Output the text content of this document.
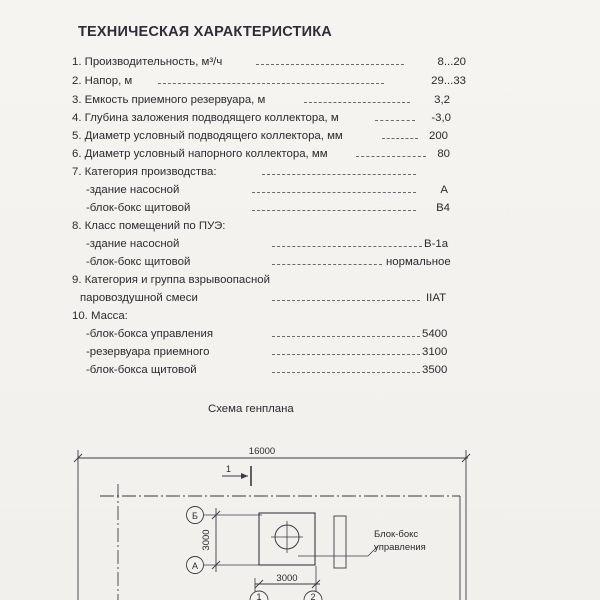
ТЕХНИЧЕСКАЯ ХАРАКТЕРИСТИКА
1. Производительность, м³/ч	8...20
2. Напор, м	29...33
3. Емкость приемного резервуара, м	3,2
4. Глубина заложения подводящего коллектора, м	-3,0
5. Диаметр условный подводящего коллектора, мм	200
6. Диаметр условный напорного коллектора, мм	80
7. Категория производства:
-здание насосной	А
-блок-бокс щитовой	В4
8. Класс помещений по ПУЭ:
-здание насосной	В-1а
-блок-бокс щитовой	нормальное
9. Категория и группа взрывоопасной
паровоздушной смеси	IIAT
10. Масса:
-блок-бокса управления	5400
-резервуара приемного	3100
-блок-бокса щитовой	3500
Схема генплана
16000
1
Б
А
3000	Блок-бокс
управления
3000
1	2
